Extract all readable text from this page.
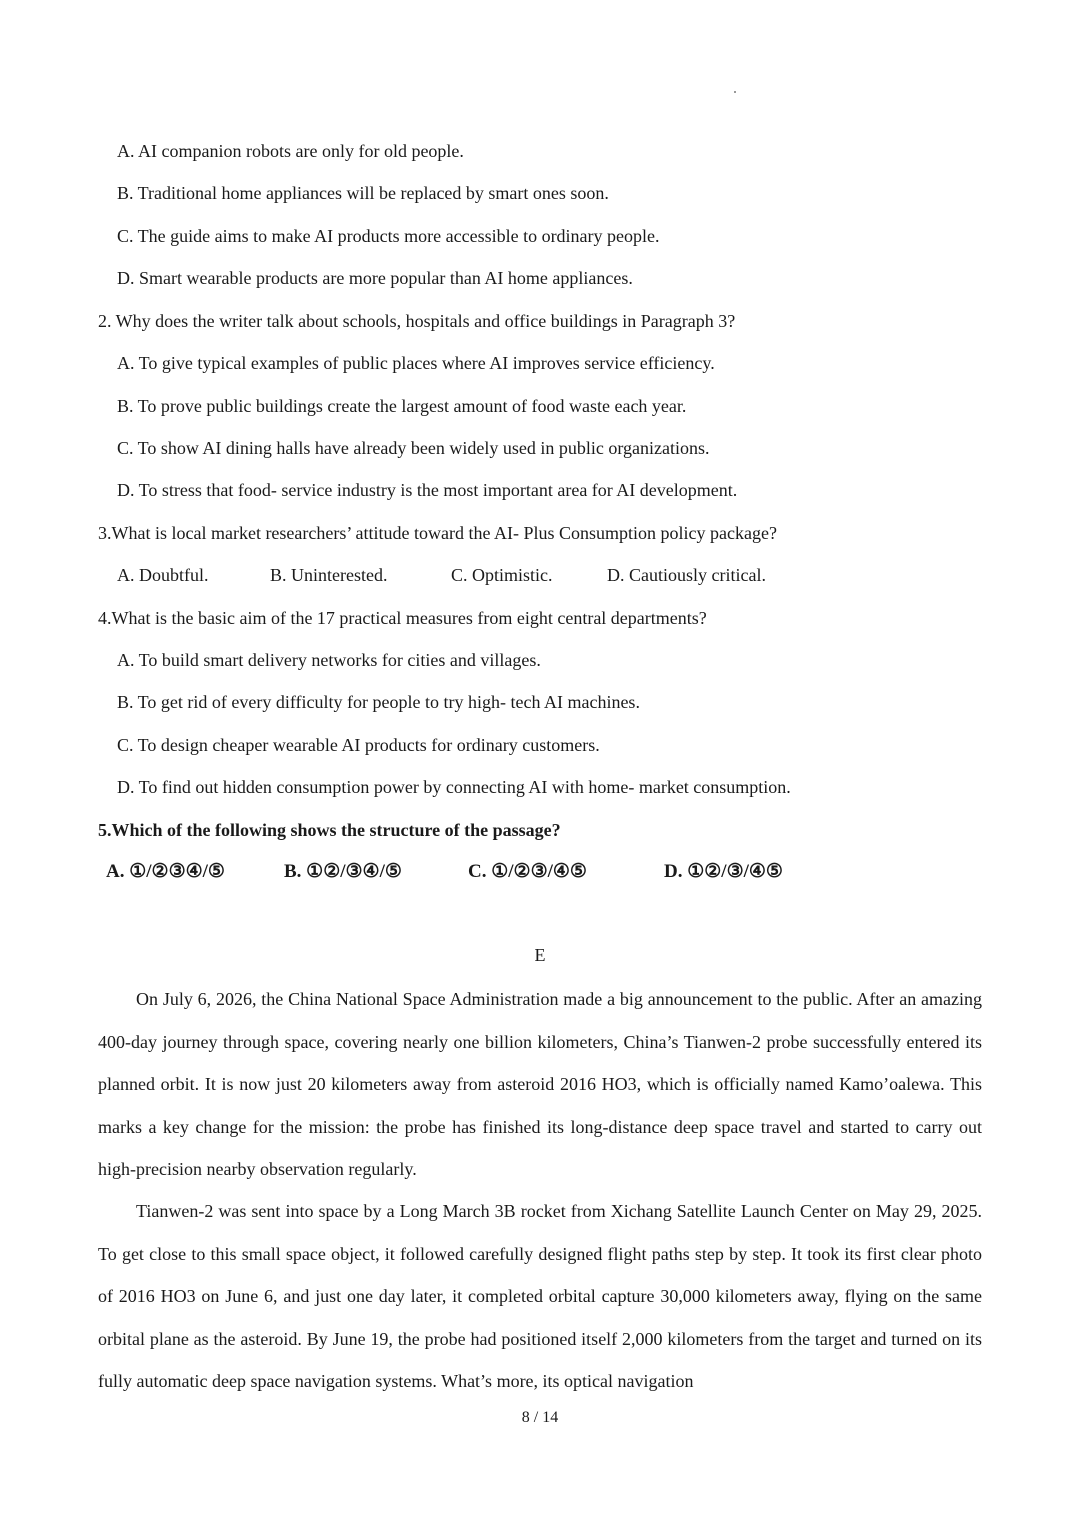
A. AI companion robots are only for old people.
B. Traditional home appliances will be replaced by smart ones soon.
C. The guide aims to make AI products more accessible to ordinary people.
D. Smart wearable products are more popular than AI home appliances.
2. Why does the writer talk about schools, hospitals and office buildings in Paragraph 3?
A. To give typical examples of public places where AI improves service efficiency.
B. To prove public buildings create the largest amount of food waste each year.
C. To show AI dining halls have already been widely used in public organizations.
D. To stress that food- service industry is the most important area for AI development.
3.What is local market researchers’ attitude toward the AI- Plus Consumption policy package?
A. Doubtful.	B. Uninterested.	C. Optimistic.	D. Cautiously critical.
4.What is the basic aim of the 17 practical measures from eight central departments?
A. To build smart delivery networks for cities and villages.
B. To get rid of every difficulty for people to try high- tech AI machines.
C. To design cheaper wearable AI products for ordinary customers.
D. To find out hidden consumption power by connecting AI with home- market consumption.
5.Which of the following shows the structure of the passage?
A. ①/②③④/⑤	B. ①②/③④/⑤	C. ①/②③/④⑤	D. ①②/③/④⑤
E
On July 6, 2026, the China National Space Administration made a big announcement to the public. After an amazing 400-day journey through space, covering nearly one billion kilometers, China’s Tianwen-2 probe successfully entered its planned orbit. It is now just 20 kilometers away from asteroid 2016 HO3, which is officially named Kamo’oalewa. This marks a key change for the mission: the probe has finished its long-distance deep space travel and started to carry out high-precision nearby observation regularly.
Tianwen-2 was sent into space by a Long March 3B rocket from Xichang Satellite Launch Center on May 29, 2025. To get close to this small space object, it followed carefully designed flight paths step by step. It took its first clear photo of 2016 HO3 on June 6, and just one day later, it completed orbital capture 30,000 kilometers away, flying on the same orbital plane as the asteroid. By June 19, the probe had positioned itself 2,000 kilometers from the target and turned on its fully automatic deep space navigation systems. What’s more, its optical navigation
8 / 14
